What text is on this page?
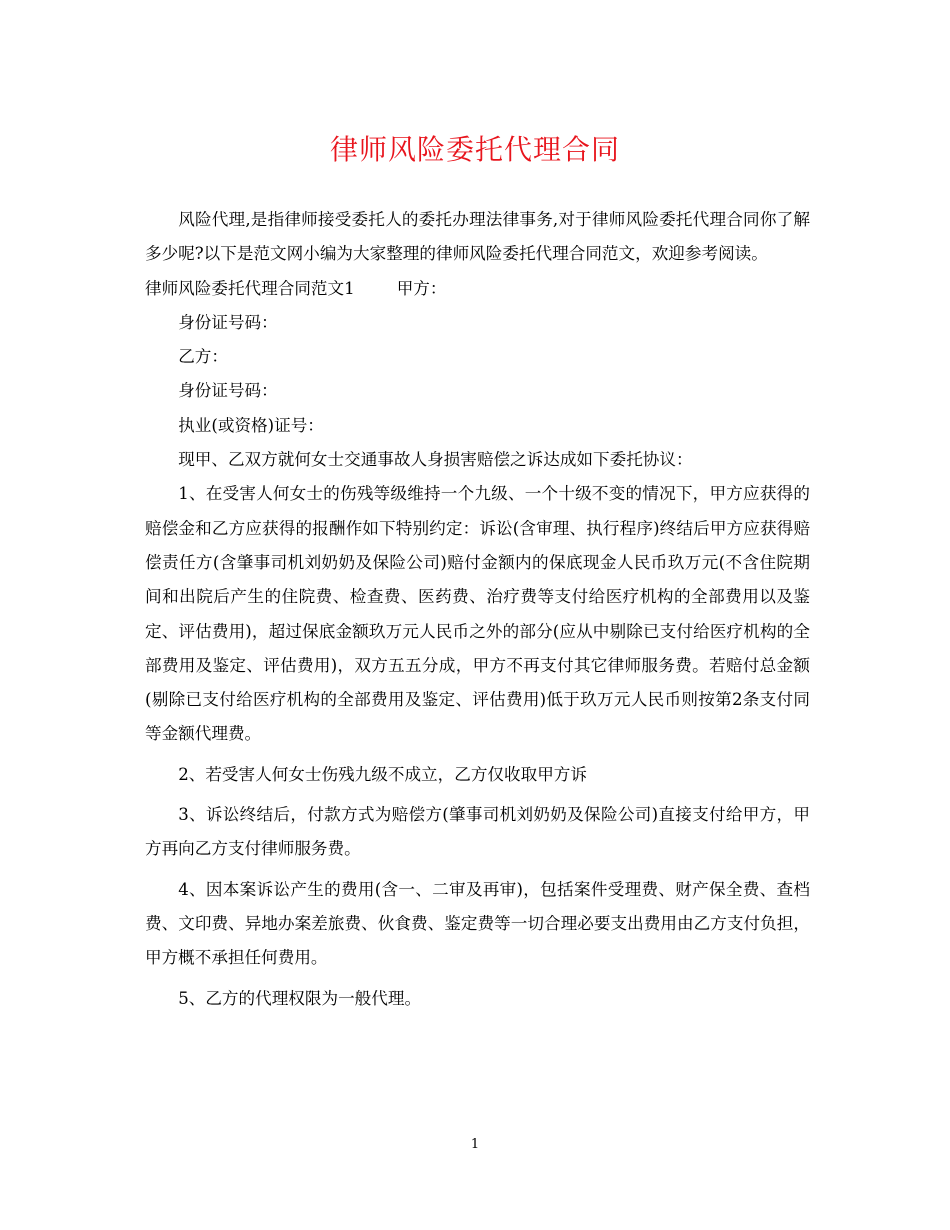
律师风险委托代理合同

风险代理,是指律师接受委托人的委托办理法律事务,对于律师风险委托代理合同你了解多少呢?以下是范文网小编为大家整理的律师风险委托代理合同范文，欢迎参考阅读。

律师风险委托代理合同范文1	甲方：

身份证号码：

乙方：

身份证号码：

执业(或资格)证号：

现甲、乙双方就何女士交通事故人身损害赔偿之诉达成如下委托协议：

1、在受害人何女士的伤残等级维持一个九级、一个十级不变的情况下，甲方应获得的赔偿金和乙方应获得的报酬作如下特别约定：诉讼(含审理、执行程序)终结后甲方应获得赔偿责任方(含肇事司机刘奶奶及保险公司)赔付金额内的保底现金人民币玖万元(不含住院期间和出院后产生的住院费、检查费、医药费、治疗费等支付给医疗机构的全部费用以及鉴定、评估费用)，超过保底金额玖万元人民币之外的部分(应从中剔除已支付给医疗机构的全部费用及鉴定、评估费用)，双方五五分成，甲方不再支付其它律师服务费。若赔付总金额(剔除已支付给医疗机构的全部费用及鉴定、评估费用)低于玖万元人民币则按第2条支付同等金额代理费。

2、若受害人何女士伤残九级不成立，乙方仅收取甲方诉

3、诉讼终结后，付款方式为赔偿方(肇事司机刘奶奶及保险公司)直接支付给甲方，甲方再向乙方支付律师服务费。

4、因本案诉讼产生的费用(含一、二审及再审)，包括案件受理费、财产保全费、查档费、文印费、异地办案差旅费、伙食费、鉴定费等一切合理必要支出费用由乙方支付负担，甲方概不承担任何费用。

5、乙方的代理权限为一般代理。

1
